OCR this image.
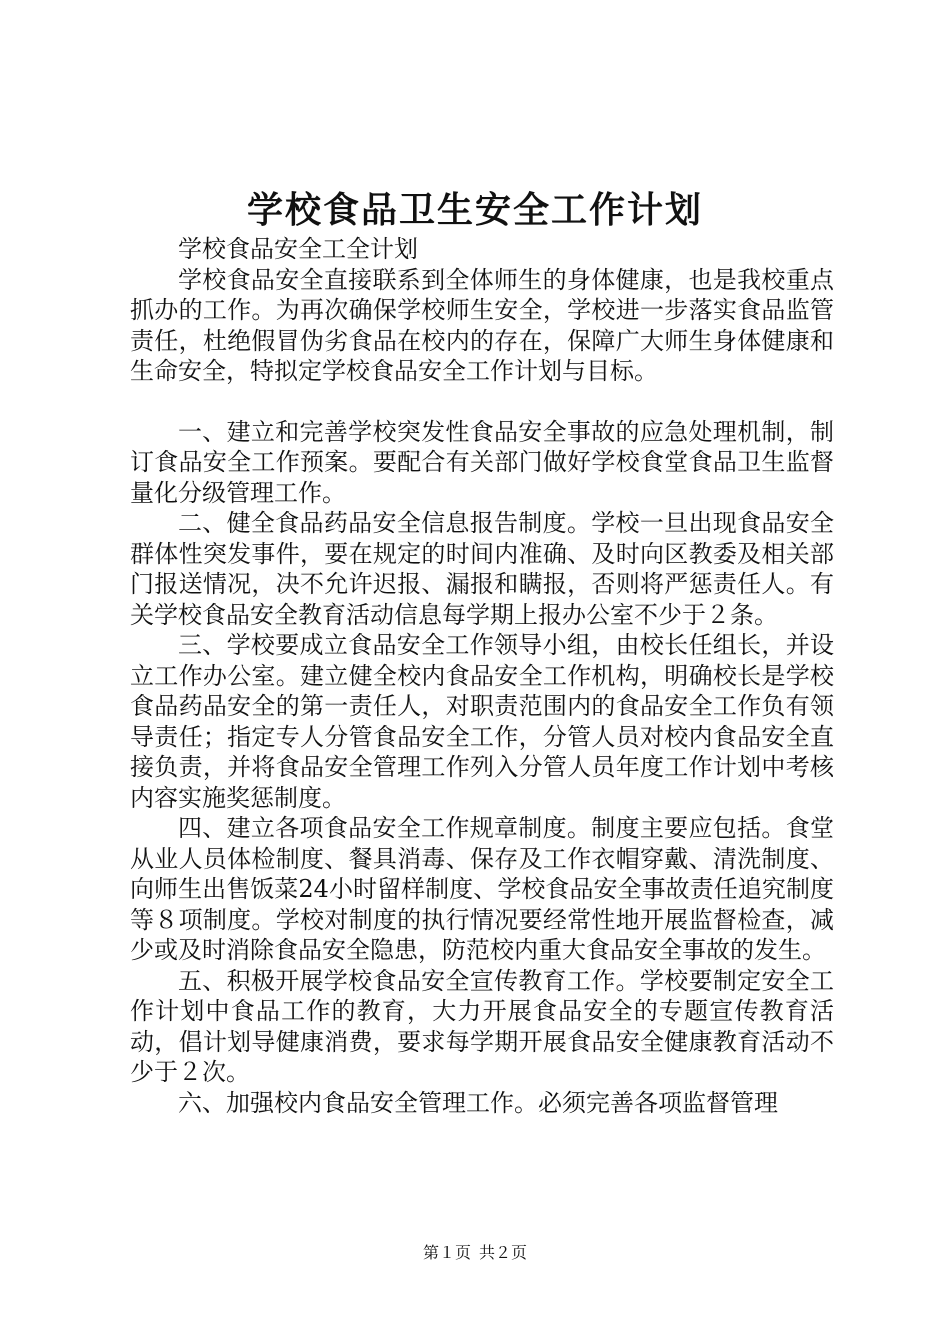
学校食品卫生安全工作计划

学校食品安全工全计划

学校食品安全直接联系到全体师生的身体健康，也是我校重点抓办的工作。为再次确保学校师生安全，学校进一步落实食品监管责任，杜绝假冒伪劣食品在校内的存在，保障广大师生身体健康和生命安全，特拟定学校食品安全工作计划与目标。

一、建立和完善学校突发性食品安全事故的应急处理机制，制订食品安全工作预案。要配合有关部门做好学校食堂食品卫生监督量化分级管理工作。

二、健全食品药品安全信息报告制度。学校一旦出现食品安全群体性突发事件，要在规定的时间内准确、及时向区教委及相关部门报送情况，决不允许迟报、漏报和瞒报，否则将严惩责任人。有关学校食品安全教育活动信息每学期上报办公室不少于２条。

三、学校要成立食品安全工作领导小组，由校长任组长，并设立工作办公室。建立健全校内食品安全工作机构，明确校长是学校食品药品安全的第一责任人，对职责范围内的食品安全工作负有领导责任；指定专人分管食品安全工作，分管人员对校内食品安全直接负责，并将食品安全管理工作列入分管人员年度工作计划中考核内容实施奖惩制度。

四、建立各项食品安全工作规章制度。制度主要应包括。食堂从业人员体检制度、餐具消毒、保存及工作衣帽穿戴、清洗制度、向师生出售饭菜24小时留样制度、学校食品安全事故责任追究制度等８项制度。学校对制度的执行情况要经常性地开展监督检查，减少或及时消除食品安全隐患，防范校内重大食品安全事故的发生。

五、积极开展学校食品安全宣传教育工作。学校要制定安全工作计划中食品工作的教育，大力开展食品安全的专题宣传教育活动，倡计划导健康消费，要求每学期开展食品安全健康教育活动不少于２次。

六、加强校内食品安全管理工作。必须完善各项监督管理

第１页 共２页
